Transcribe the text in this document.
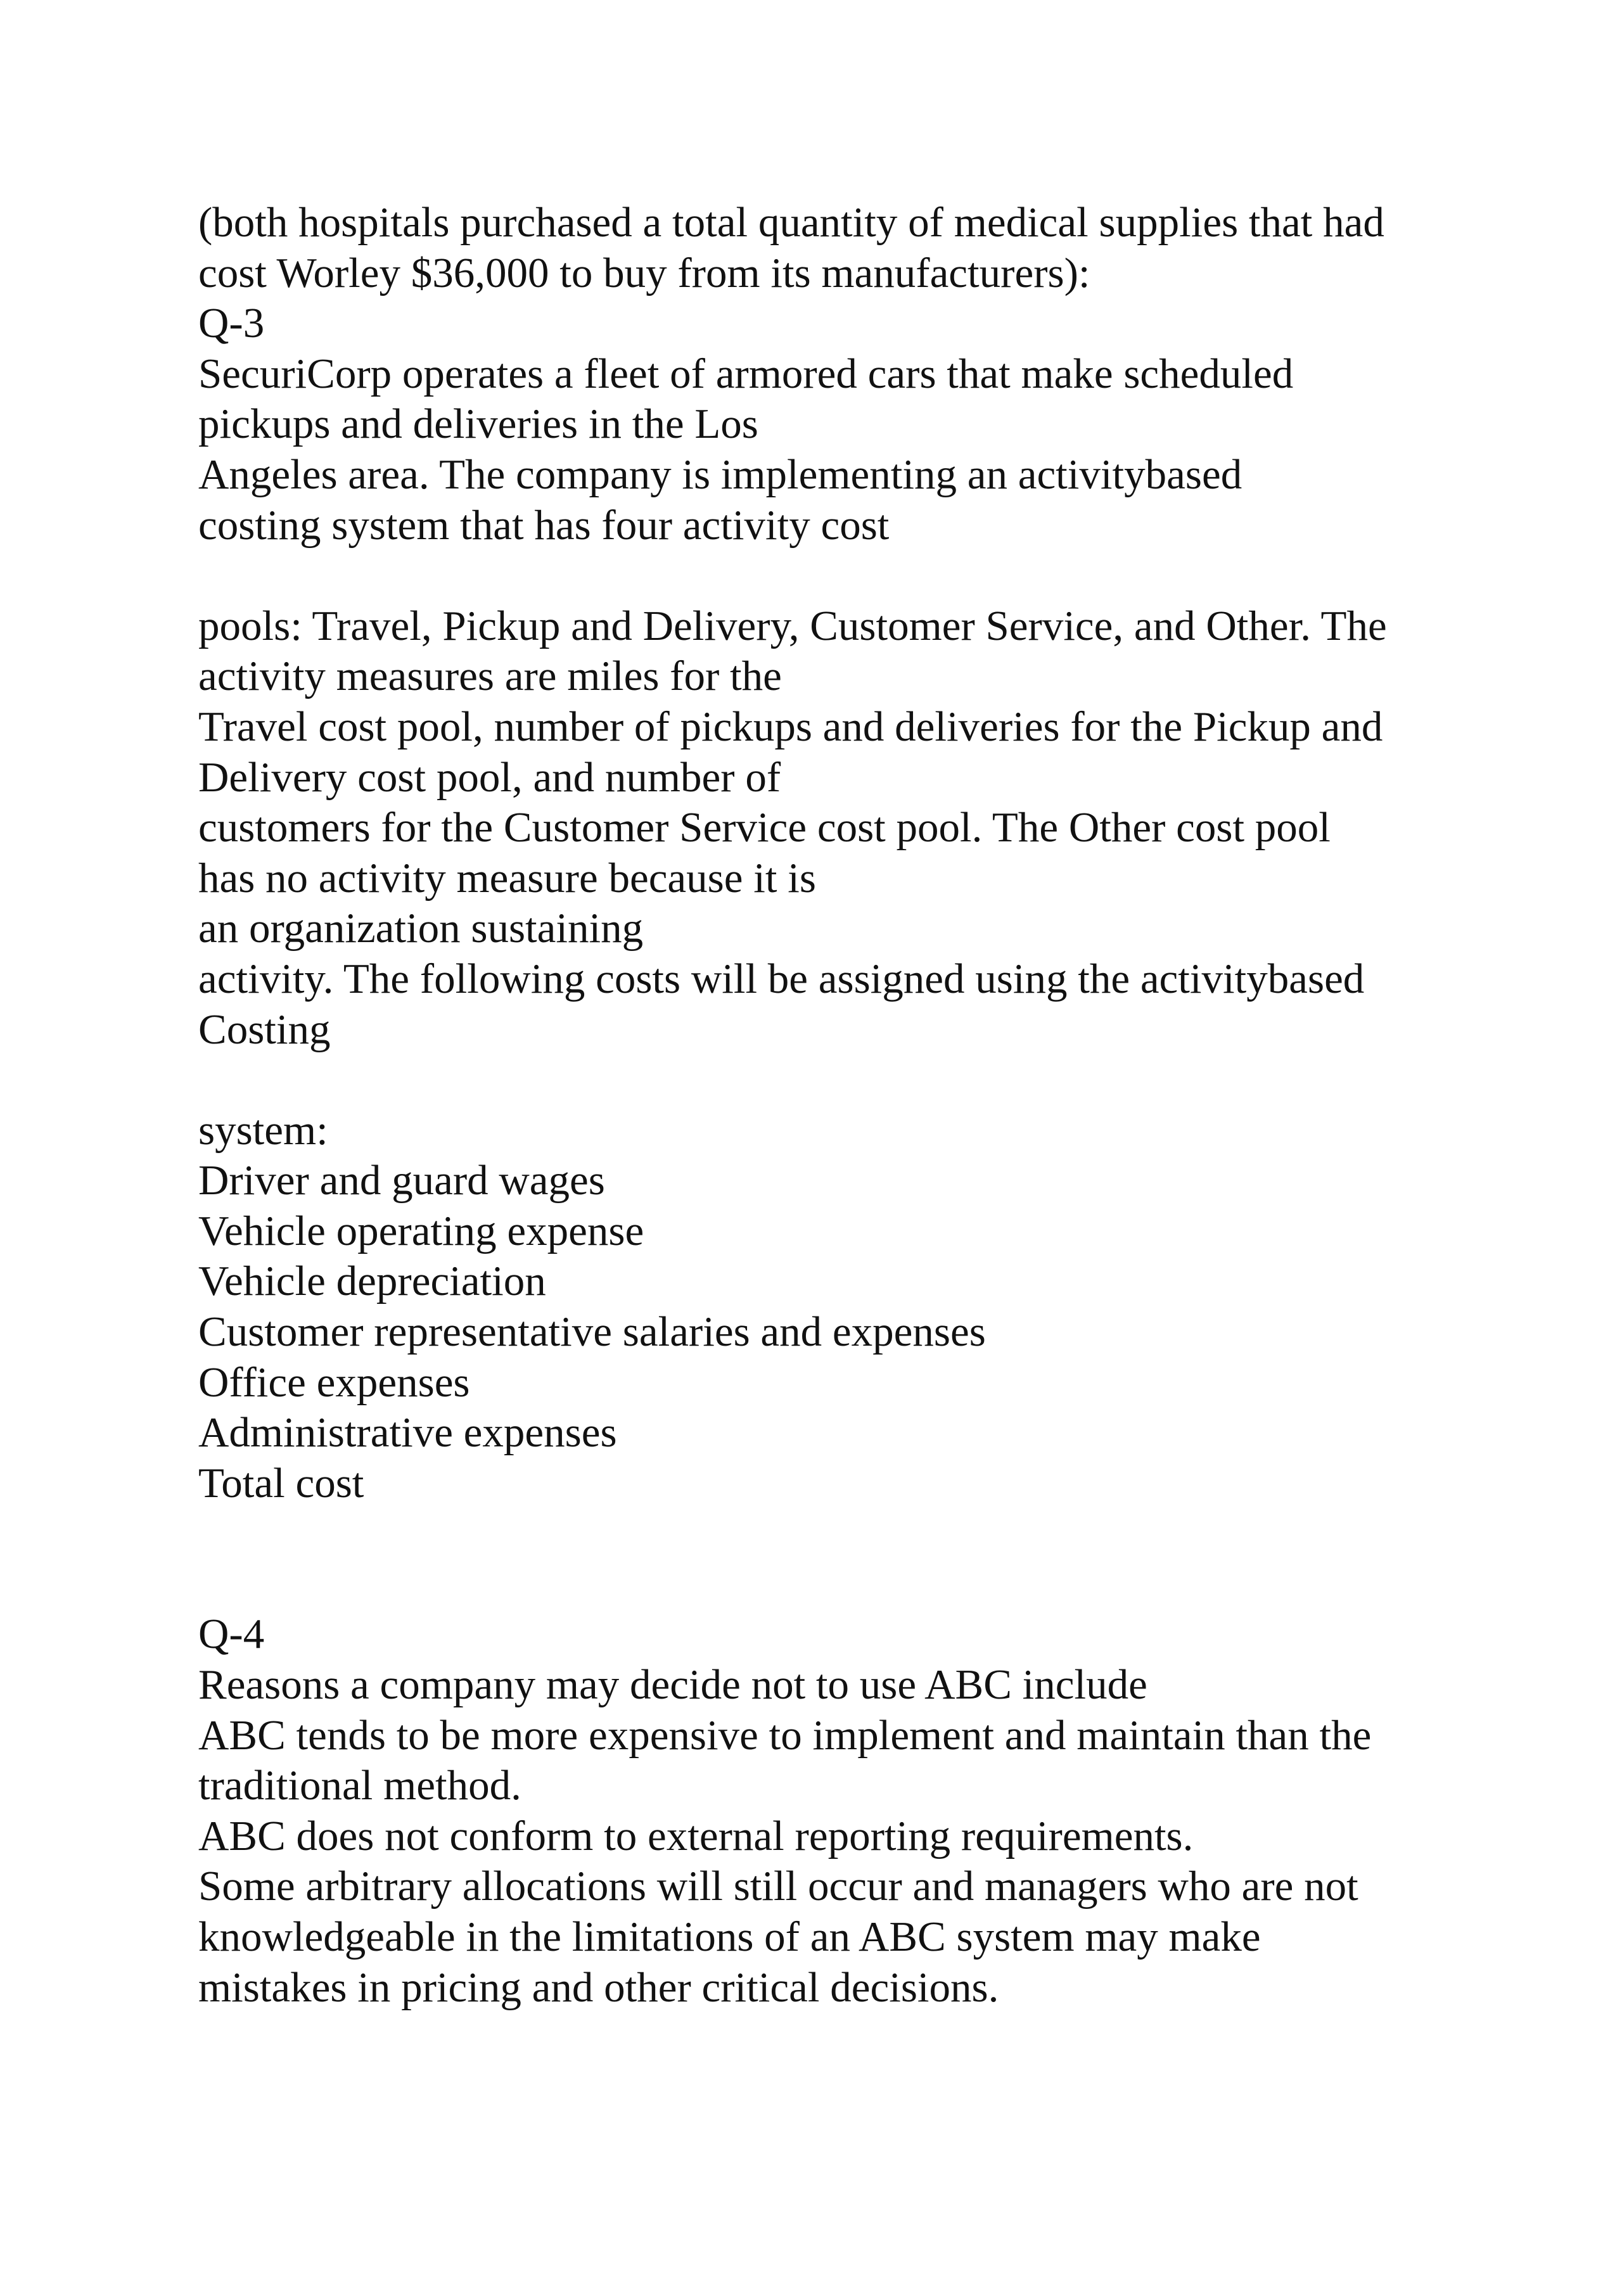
(both hospitals purchased a total quantity of medical supplies that had
cost Worley $36,000 to buy from its manufacturers):
Q-3
SecuriCorp operates a fleet of armored cars that make scheduled
pickups and deliveries in the Los
Angeles area. The company is implementing an activitybased
costing system that has four activity cost
pools: Travel, Pickup and Delivery, Customer Service, and Other. The
activity measures are miles for the
Travel cost pool, number of pickups and deliveries for the Pickup and
Delivery cost pool, and number of
customers for the Customer Service cost pool. The Other cost pool
has no activity measure because it is
an organization sustaining
activity. The following costs will be assigned using the activitybased
Costing
system:
Driver and guard wages
Vehicle operating expense
Vehicle depreciation
Customer representative salaries and expenses
Office expenses
Administrative expenses
Total cost
Q-4
Reasons a company may decide not to use ABC include
ABC tends to be more expensive to implement and maintain than the
traditional method.
ABC does not conform to external reporting requirements.
Some arbitrary allocations will still occur and managers who are not
knowledgeable in the limitations of an ABC system may make
mistakes in pricing and other critical decisions.
